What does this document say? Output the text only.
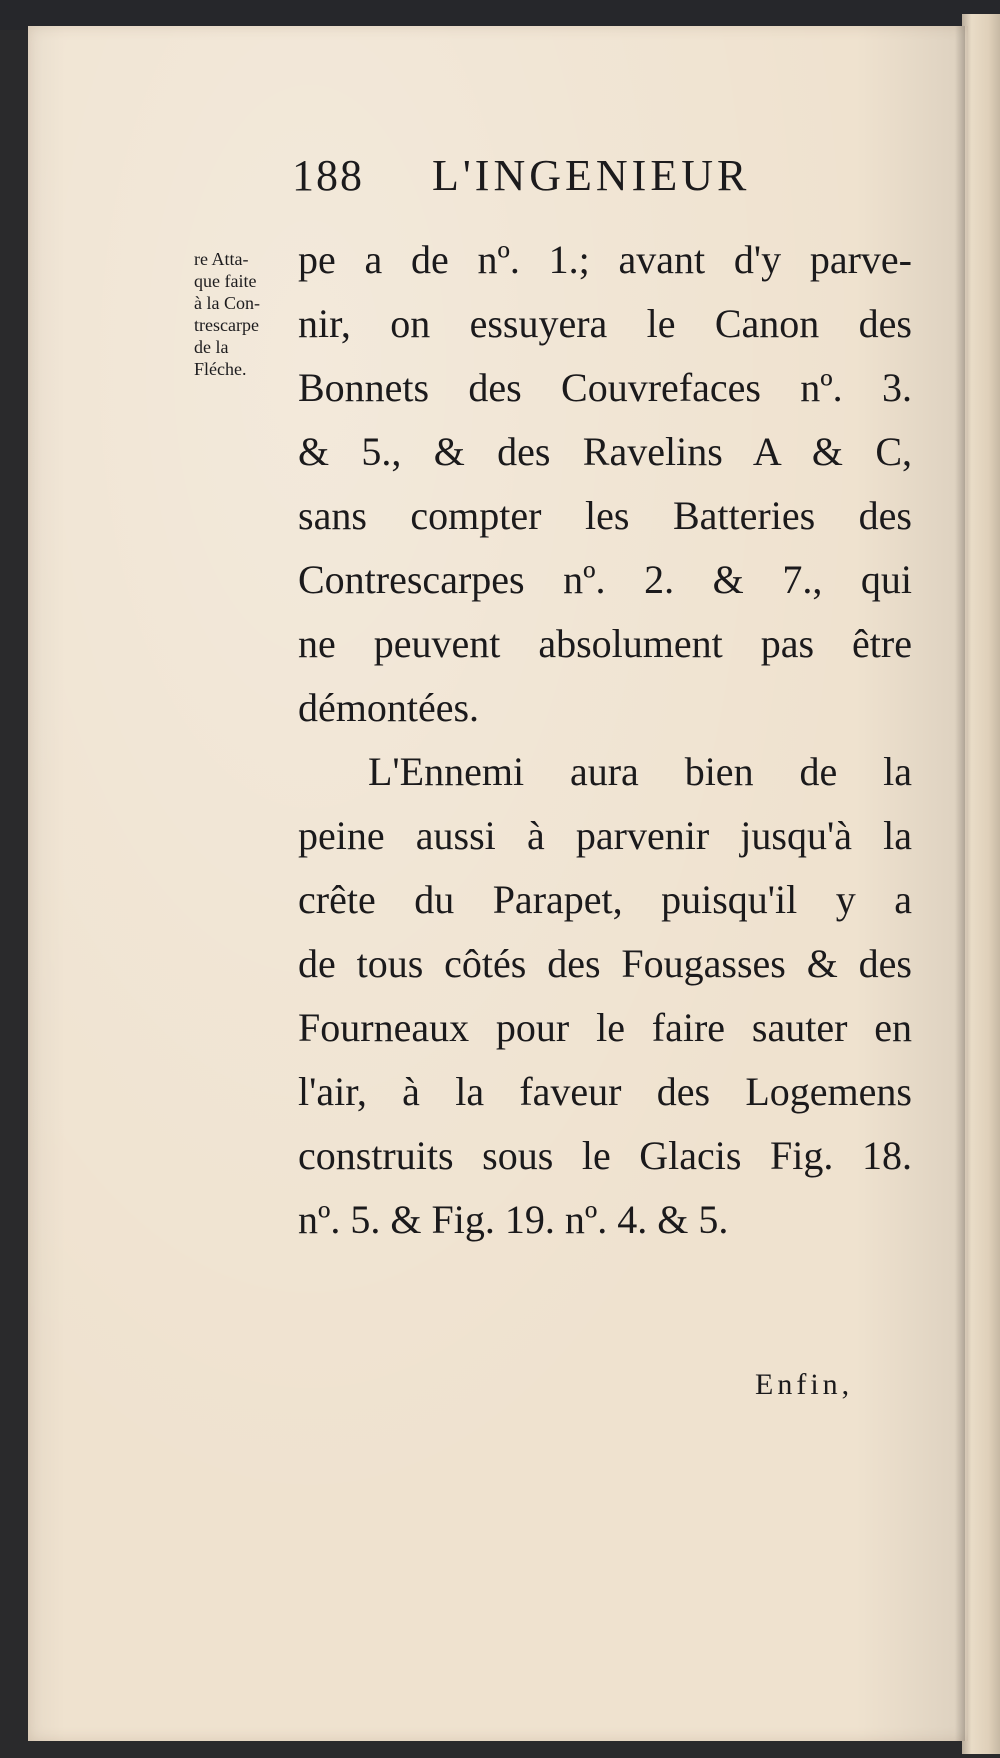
188 L'INGENIEUR
re Atta-
que faite
à la Con-
trescarpe
de la
Fléche.
pe a de nº. 1.; avant d'y parve-
nir, on essuyera le Canon des
Bonnets des Couvrefaces nº. 3.
& 5., & des Ravelins A & C,
sans compter les Batteries des
Contrescarpes nº. 2. & 7., qui
ne peuvent absolument pas être
démontées.
L'Ennemi aura bien de la
peine aussi à parvenir jusqu'à la
crête du Parapet, puisqu'il y a
de tous côtés des Fougasses & des
Fourneaux pour le faire sauter en
l'air, à la faveur des Logemens
construits sous le Glacis Fig. 18.
nº. 5. & Fig. 19. nº. 4. & 5.
Enfin,
